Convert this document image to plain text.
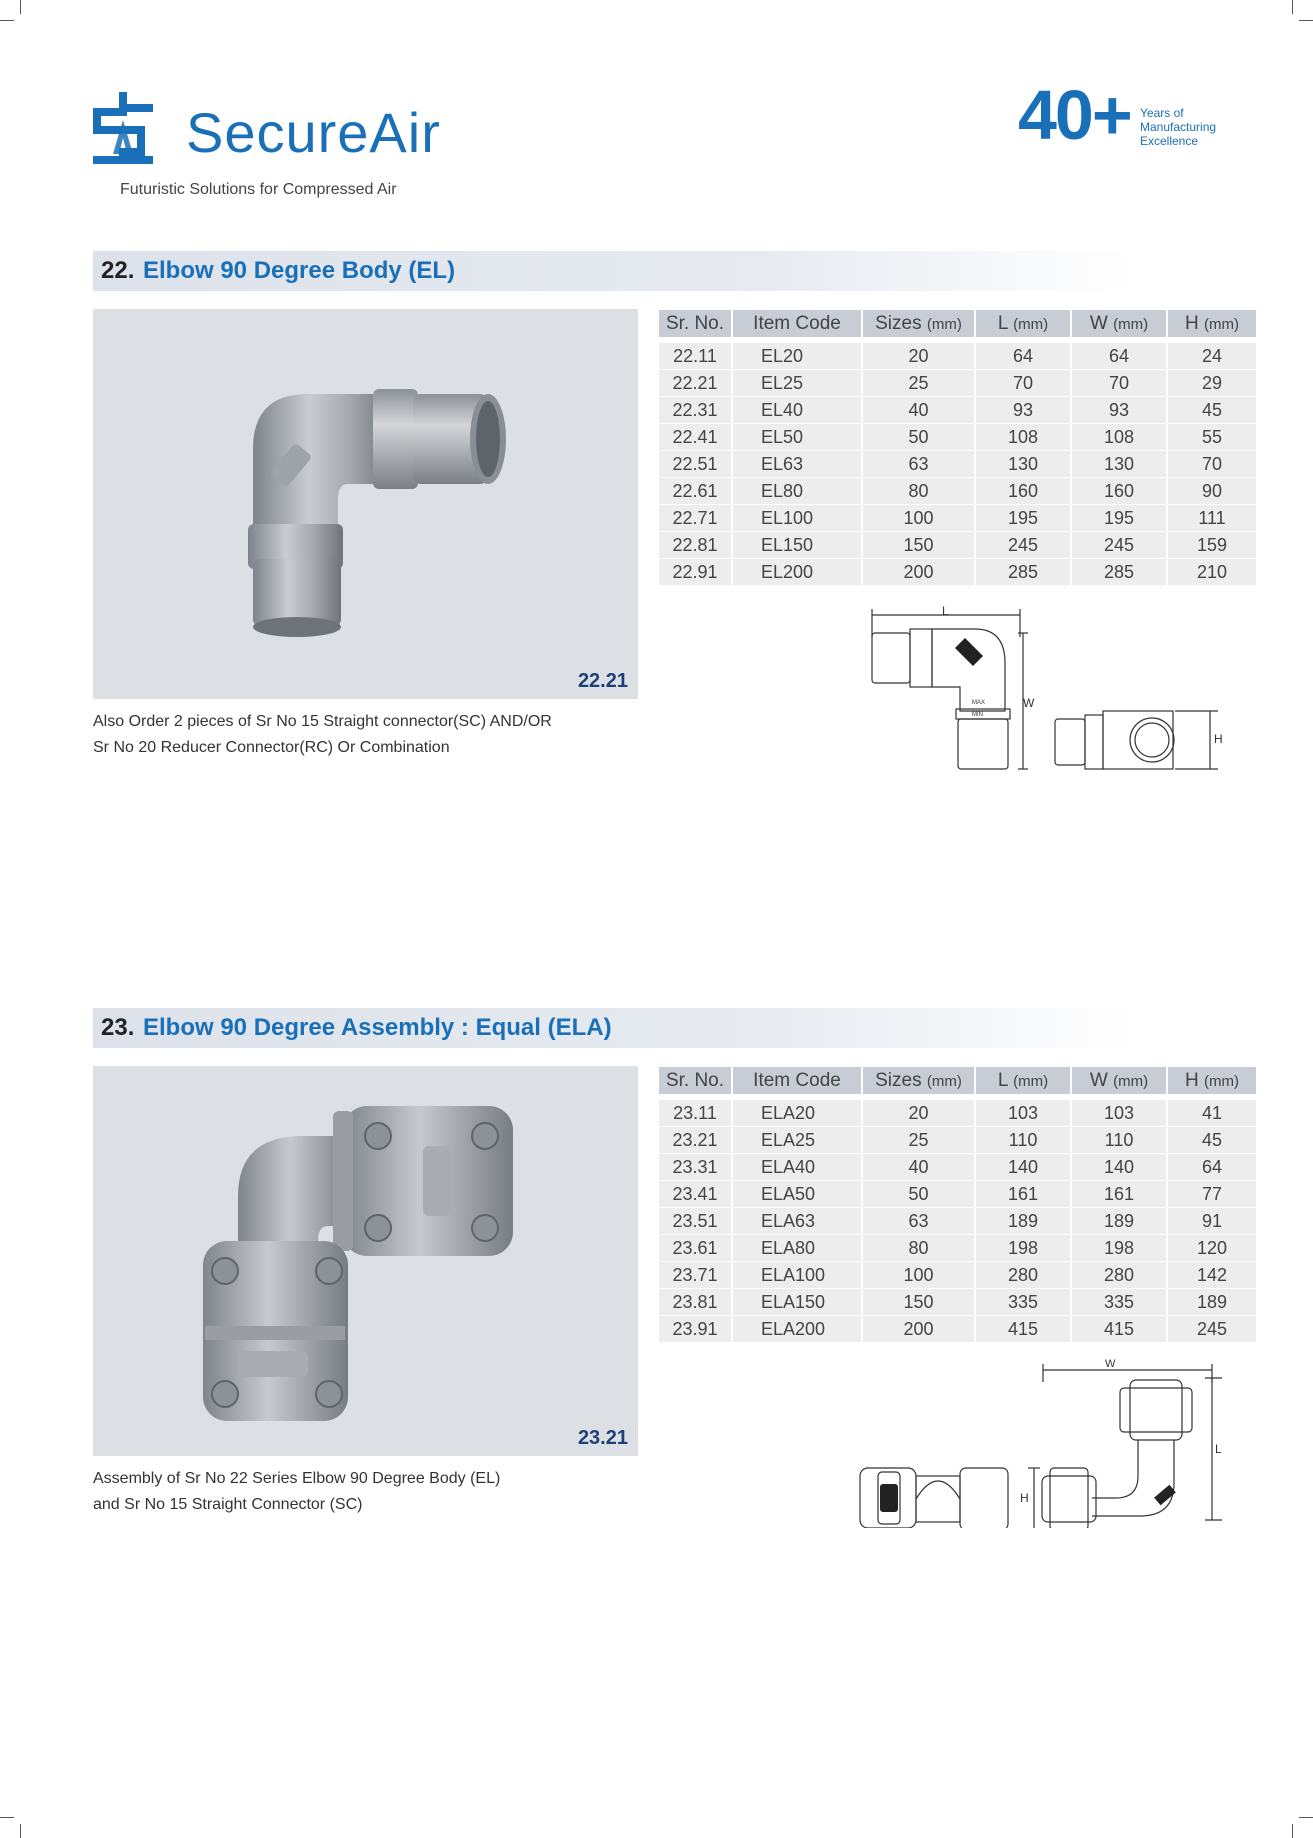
SecureAir
Futuristic Solutions for Compressed Air
40+ Years of
Manufacturing
Excellence
22. Elbow 90 Degree Body (EL)
22.21
Also Order 2 pieces of Sr No 15 Straight connector(SC) AND/OR
Sr No 20 Reducer Connector(RC) Or Combination
Sr. No.	Item Code	Sizes (mm)	L (mm)	W (mm)	H (mm)

22.11	EL20	20	64	64	24
22.21	EL25	25	70	70	29
22.31	EL40	40	93	93	45
22.41	EL50	50	108	108	55
22.51	EL63	63	130	130	70
22.61	EL80	80	160	160	90
22.71	EL100	100	195	195	111
22.81	EL150	150	245	245	159
22.91	EL200	200	285	285	210
L
W
H
MAX
MIN
23. Elbow 90 Degree Assembly : Equal (ELA)
23.21
Assembly of Sr No 22 Series Elbow 90 Degree Body (EL)
and Sr No 15 Straight Connector (SC)
Sr. No.	Item Code	Sizes (mm)	L (mm)	W (mm)	H (mm)

23.11	ELA20	20	103	103	41
23.21	ELA25	25	110	110	45
23.31	ELA40	40	140	140	64
23.41	ELA50	50	161	161	77
23.51	ELA63	63	189	189	91
23.61	ELA80	80	198	198	120
23.71	ELA100	100	280	280	142
23.81	ELA150	150	335	335	189
23.91	ELA200	200	415	415	245
W
L
H
